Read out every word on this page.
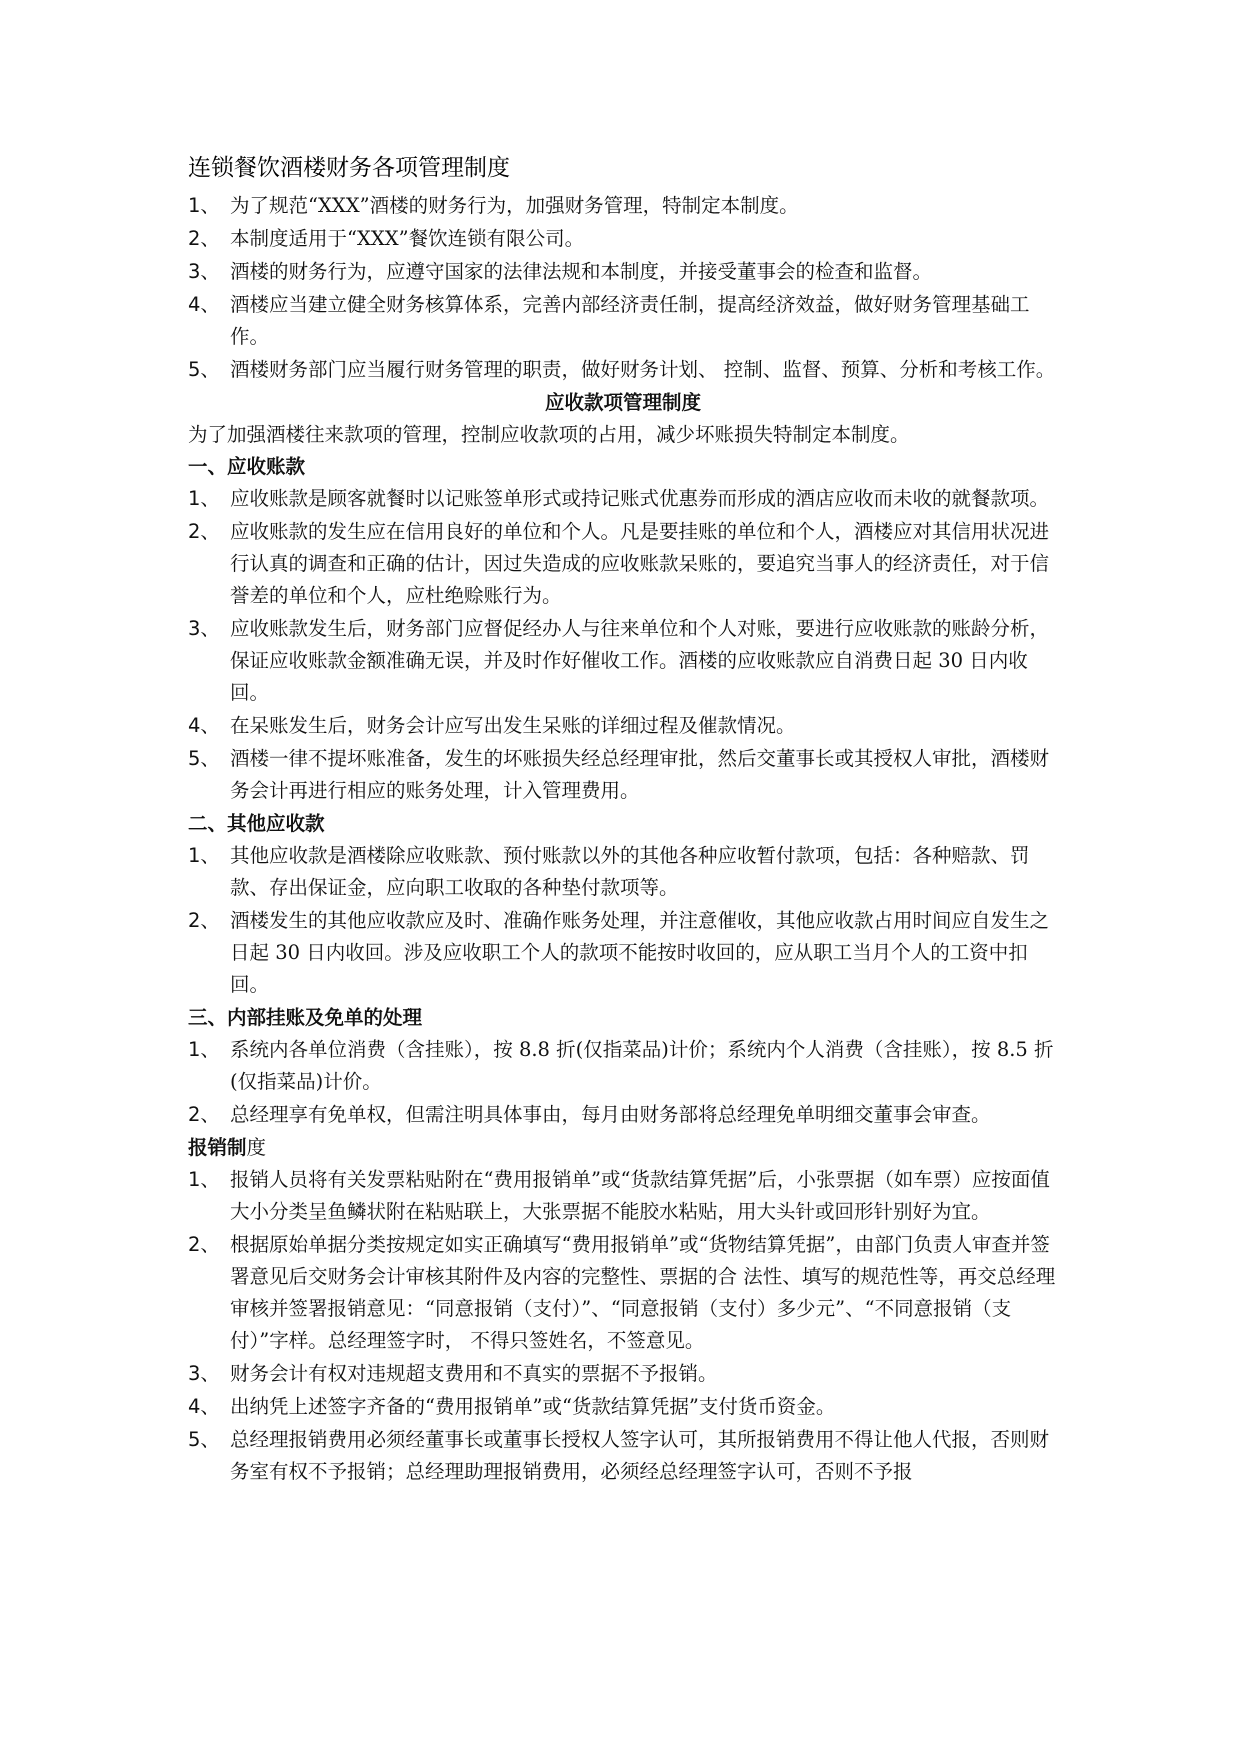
连锁餐饮酒楼财务各项管理制度
1、 为了规范“XXX”酒楼的财务行为，加强财务管理，特制定本制度。
2、 本制度适用于“XXX”餐饮连锁有限公司。
3、 酒楼的财务行为，应遵守国家的法律法规和本制度，并接受董事会的检查和监督。
4、 酒楼应当建立健全财务核算体系，完善内部经济责任制，提高经济效益，做好财务管理基础工作。
5、 酒楼财务部门应当履行财务管理的职责，做好财务计划、 控制、监督、预算、分析和考核工作。
应收款项管理制度
为了加强酒楼往来款项的管理，控制应收款项的占用，减少坏账损失特制定本制度。
一、应收账款
1、 应收账款是顾客就餐时以记账签单形式或持记账式优惠券而形成的酒店应收而未收的就餐款项。
2、 应收账款的发生应在信用良好的单位和个人。凡是要挂账的单位和个人，酒楼应对其信用状况进行认真的调查和正确的估计，因过失造成的应收账款呆账的，要追究当事人的经济责任，对于信誉差的单位和个人，应杜绝赊账行为。
3、 应收账款发生后，财务部门应督促经办人与往来单位和个人对账，要进行应收账款的账龄分析，保证应收账款金额准确无误，并及时作好催收工作。酒楼的应收账款应自消费日起 30 日内收回。
4、 在呆账发生后，财务会计应写出发生呆账的详细过程及催款情况。
5、 酒楼一律不提坏账准备，发生的坏账损失经总经理审批，然后交董事长或其授权人审批，酒楼财务会计再进行相应的账务处理，计入管理费用。
二、其他应收款
1、 其他应收款是酒楼除应收账款、预付账款以外的其他各种应收暂付款项，包括：各种赔款、罚款、存出保证金，应向职工收取的各种垫付款项等。
2、 酒楼发生的其他应收款应及时、准确作账务处理，并注意催收，其他应收款占用时间应自发生之日起 30 日内收回。涉及应收职工个人的款项不能按时收回的，应从职工当月个人的工资中扣回。
三、内部挂账及免单的处理
1、 系统内各单位消费（含挂账），按 8.8 折(仅指菜品)计价；系统内个人消费（含挂账），按 8.5 折(仅指菜品)计价。
2、 总经理享有免单权，但需注明具体事由，每月由财务部将总经理免单明细交董事会审查。
报销制度
1、 报销人员将有关发票粘贴附在“费用报销单”或“货款结算凭据”后，小张票据（如车票）应按面值大小分类呈鱼鳞状附在粘贴联上，大张票据不能胶水粘贴，用大头针或回形针别好为宜。
2、 根据原始单据分类按规定如实正确填写“费用报销单”或“货物结算凭据”，由部门负责人审查并签署意见后交财务会计审核其附件及内容的完整性、票据的合 法性、填写的规范性等，再交总经理审核并签署报销意见：“同意报销（支付）”、“同意报销（支付）多少元”、“不同意报销（支付）”字样。总经理签字时， 不得只签姓名，不签意见。
3、 财务会计有权对违规超支费用和不真实的票据不予报销。
4、 出纳凭上述签字齐备的“费用报销单”或“货款结算凭据”支付货币资金。
5、 总经理报销费用必须经董事长或董事长授权人签字认可，其所报销费用不得让他人代报，否则财务室有权不予报销；总经理助理报销费用，必须经总经理签字认可，否则不予报
